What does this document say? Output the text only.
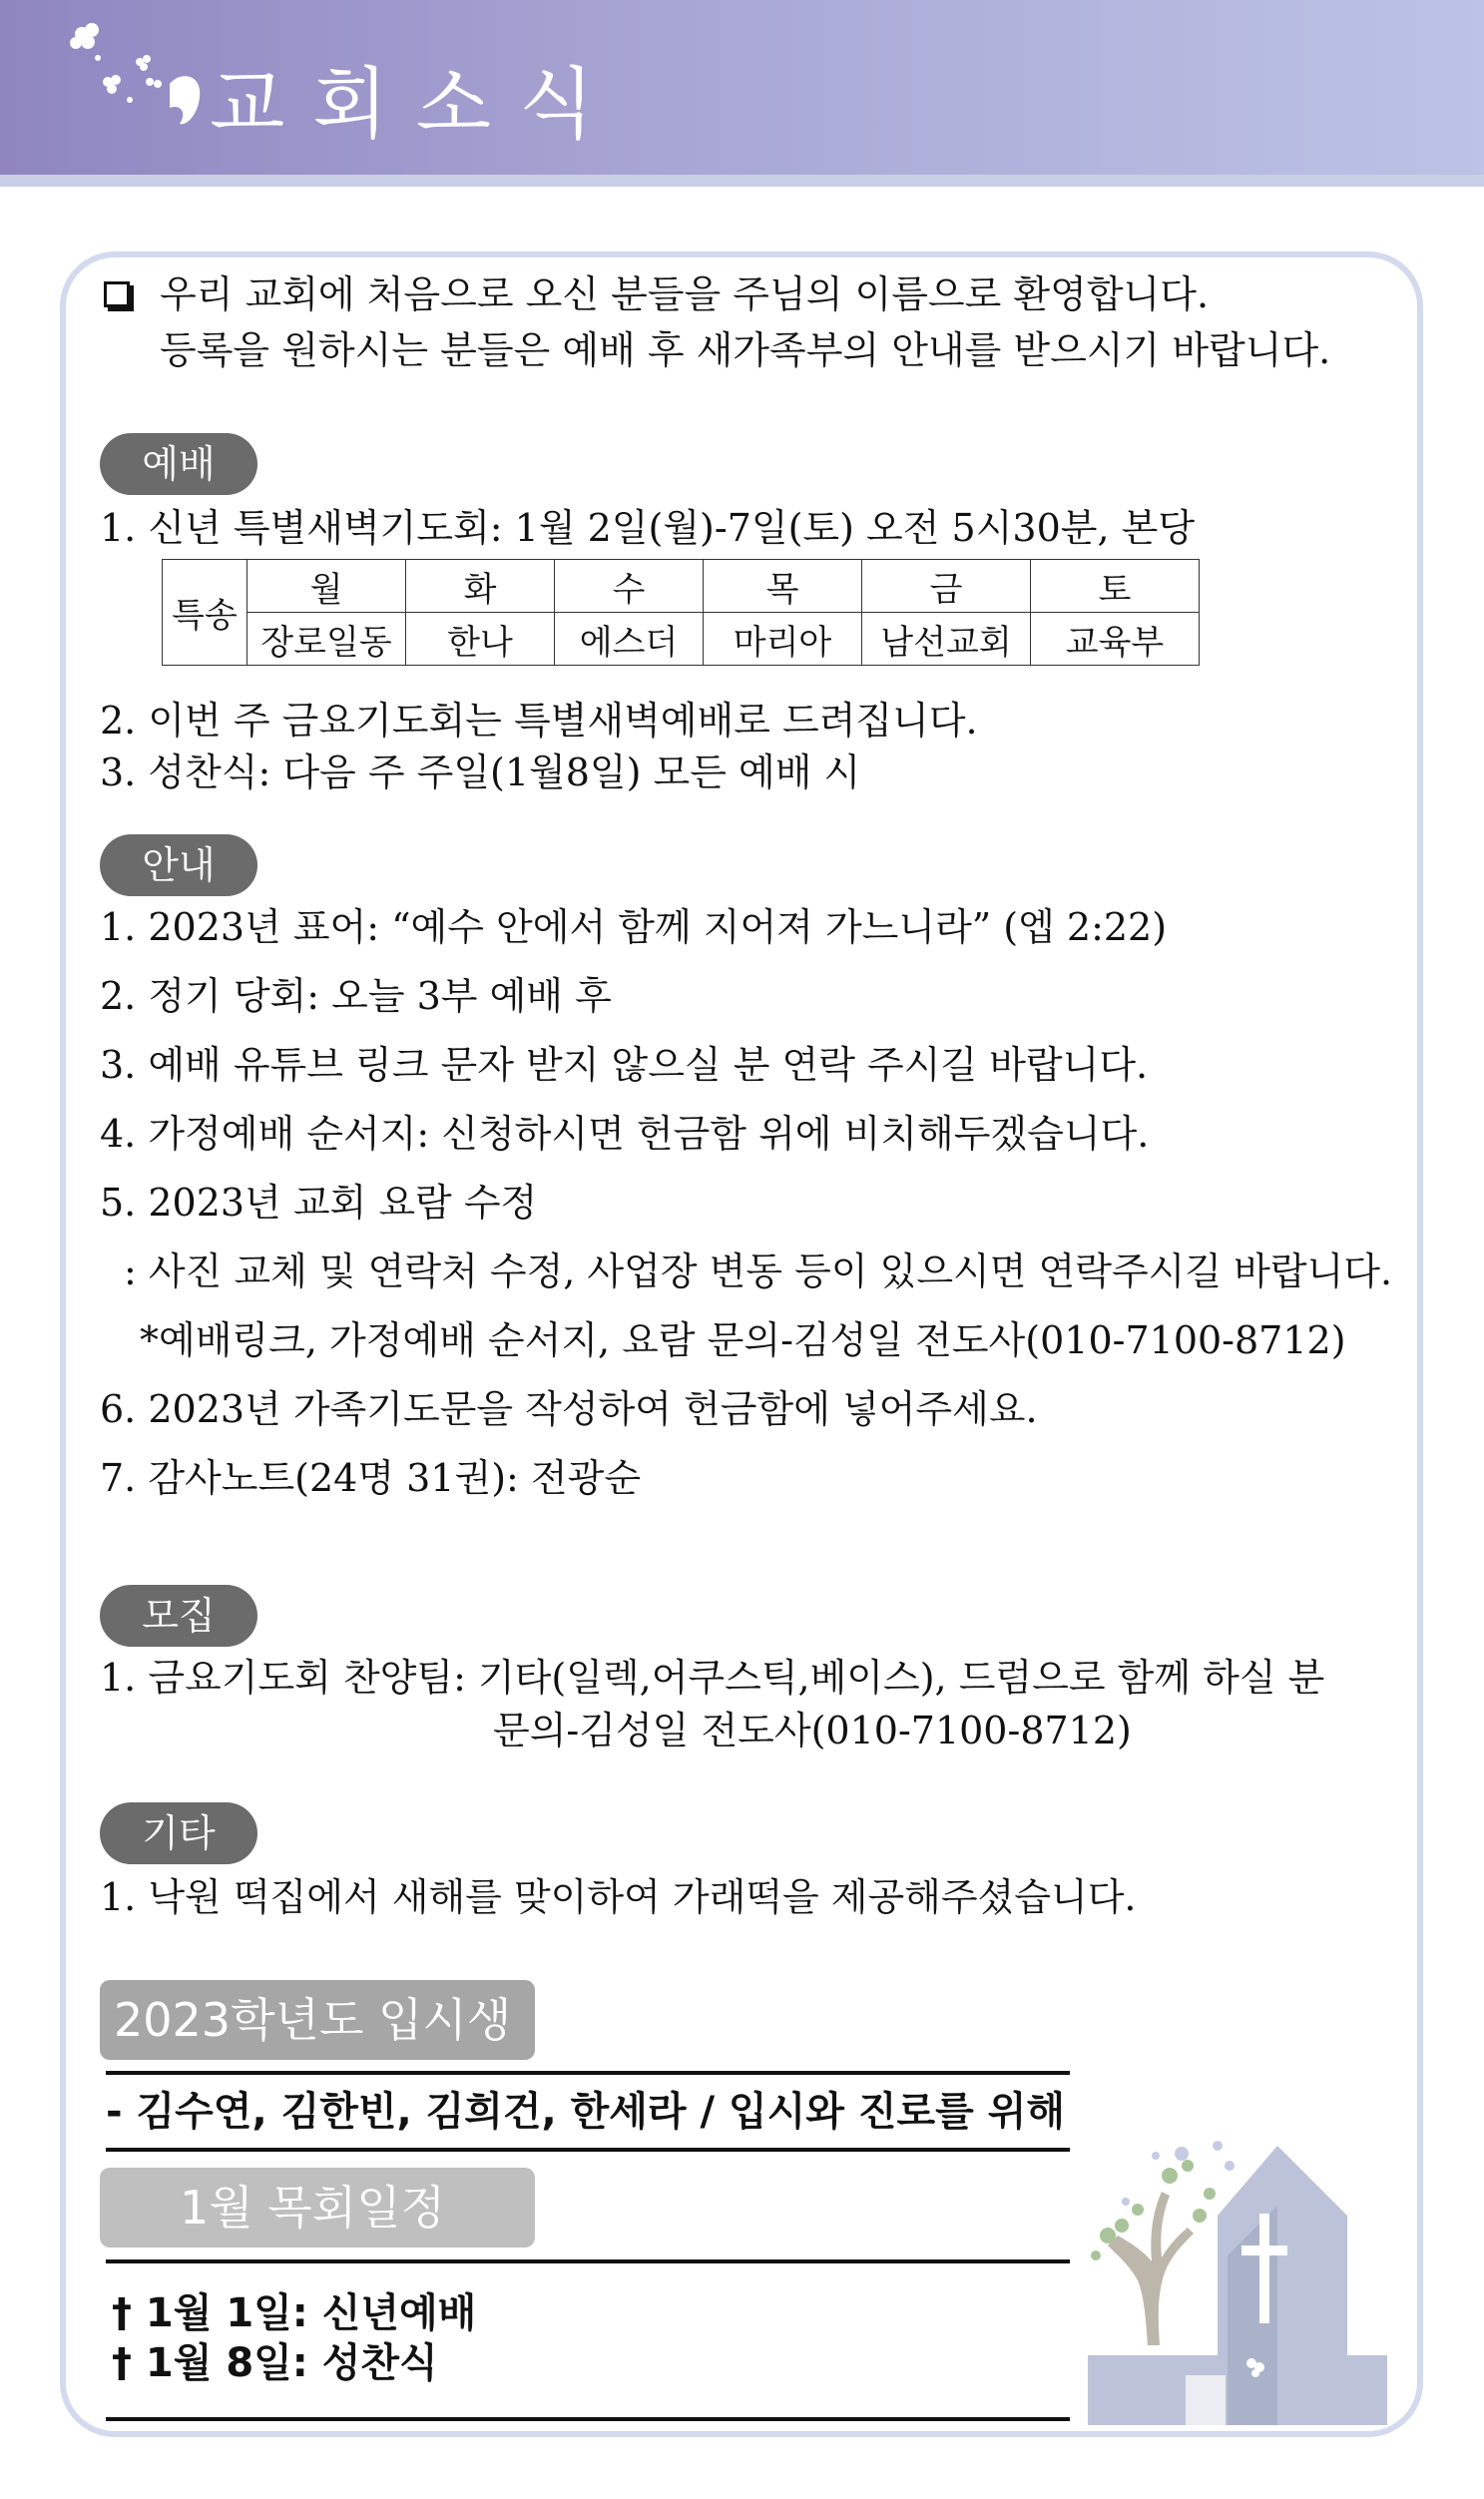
교회소식
우리 교회에 처음으로 오신 분들을 주님의 이름으로 환영합니다.
등록을 원하시는 분들은 예배 후 새가족부의 안내를 받으시기 바랍니다.
예배
1. 신년 특별새벽기도회: 1월 2일(월)-7일(토) 오전 5시30분, 본당
특송	월	화	수	목	금	토
	장로일동	한나	에스더	마리아	남선교회	교육부
2. 이번 주 금요기도회는 특별새벽예배로 드려집니다.
3. 성찬식: 다음 주 주일(1월8일) 모든 예배 시
안내
1. 2023년 표어: “예수 안에서 함께 지어져 가느니라” (엡 2:22)
2. 정기 당회: 오늘 3부 예배 후
3. 예배 유튜브 링크 문자 받지 않으실 분 연락 주시길 바랍니다.
4. 가정예배 순서지: 신청하시면 헌금함 위에 비치해두겠습니다.
5. 2023년 교회 요람 수정
: 사진 교체 및 연락처 수정, 사업장 변동 등이 있으시면 연락주시길 바랍니다.
*예배링크, 가정예배 순서지, 요람 문의-김성일 전도사(010-7100-8712)
6. 2023년 가족기도문을 작성하여 헌금함에 넣어주세요.
7. 감사노트(24명 31권): 전광순
모집
1. 금요기도회 찬양팀: 기타(일렉,어쿠스틱,베이스), 드럼으로 함께 하실 분
문의-김성일 전도사(010-7100-8712)
기타
1. 낙원 떡집에서 새해를 맞이하여 가래떡을 제공해주셨습니다.
2023학년도 입시생
- 김수연, 김한빈, 김희건, 한세라 / 입시와 진로를 위해
1월 목회일정
† 1월 1일: 신년예배
† 1월 8일: 성찬식
